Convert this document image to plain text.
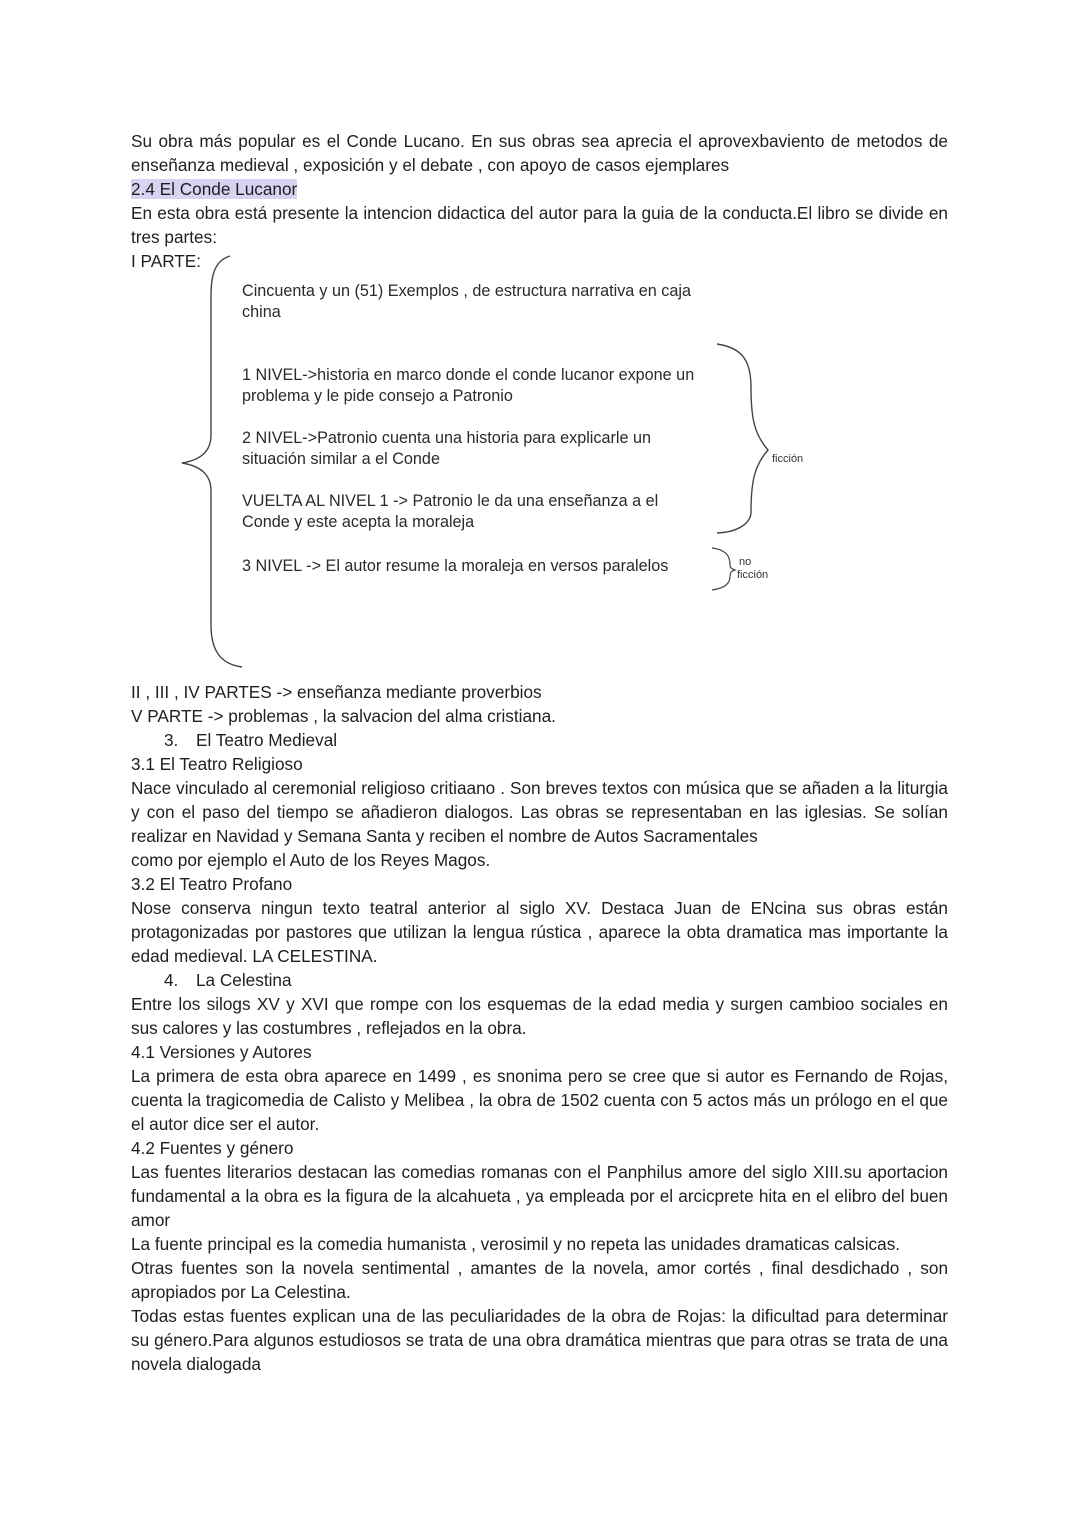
Su obra más popular es el Conde Lucano. En sus obras sea aprecia el aprovexbaviento de metodos de enseñanza medieval , exposición y el debate , con apoyo de casos ejemplares

2.4 El Conde Lucanor

En esta obra está presente la intencion didactica del autor para la guia de la conducta.El libro se divide en tres partes:

I PARTE:
Cincuenta y un (51) Exemplos , de estructura narrativa en caja
china
1 NIVEL->historia en marco donde el conde lucanor expone un
problema y le pide consejo a Patronio
2 NIVEL->Patronio cuenta una historia para explicarle un
situación similar a el Conde
VUELTA AL NIVEL 1 -> Patronio le da una enseñanza a el
Conde y este acepta la moraleja
3 NIVEL -> El autor resume la moraleja en versos paralelos
ficción
no
ficción
II , III , IV PARTES -> enseñanza mediante proverbios
V PARTE -> problemas , la salvacion del alma cristiana.
3. El Teatro Medieval
3.1 El Teatro Religioso

Nace vinculado al ceremonial religioso critiaano . Son breves textos con música que se añaden a la liturgia y con el paso del tiempo se añadieron dialogos. Las obras se representaban en las iglesias. Se solían realizar en Navidad y Semana Santa y reciben el nombre de Autos Sacramentales

como por ejemplo el Auto de los Reyes Magos.
3.2 El Teatro Profano

Nose conserva ningun texto teatral anterior al siglo XV. Destaca Juan de ENcina sus obras están protagonizadas por pastores que utilizan la lengua rústica , aparece la obta dramatica mas importante la edad medieval. LA CELESTINA.

4. La Celestina

Entre los silogs XV y XVI que rompe con los esquemas de la edad media y surgen cambioo sociales en sus calores y las costumbres , reflejados en la obra.

4.1 Versiones y Autores

La primera de esta obra aparece en 1499 , es snonima pero se cree que si autor es Fernando de Rojas, cuenta la tragicomedia de Calisto y Melibea , la obra de 1502 cuenta con 5 actos más un prólogo en el que el autor dice ser el autor.

4.2 Fuentes y género

Las fuentes literarios destacan las comedias romanas con el Panphilus amore del siglo XIII.su aportacion fundamental a la obra es la figura de la alcahueta , ya empleada por el arcicprete hita en el elibro del buen amor

La fuente principal es la comedia humanista , verosimil y no repeta las unidades dramaticas calsicas.

Otras fuentes son la novela sentimental , amantes de la novela, amor cortés , final desdichado , son apropiados por La Celestina.

Todas estas fuentes explican una de las peculiaridades de la obra de Rojas: la dificultad para determinar su género.Para algunos estudiosos se trata de una obra dramática mientras que para otras se trata de una novela dialogada
